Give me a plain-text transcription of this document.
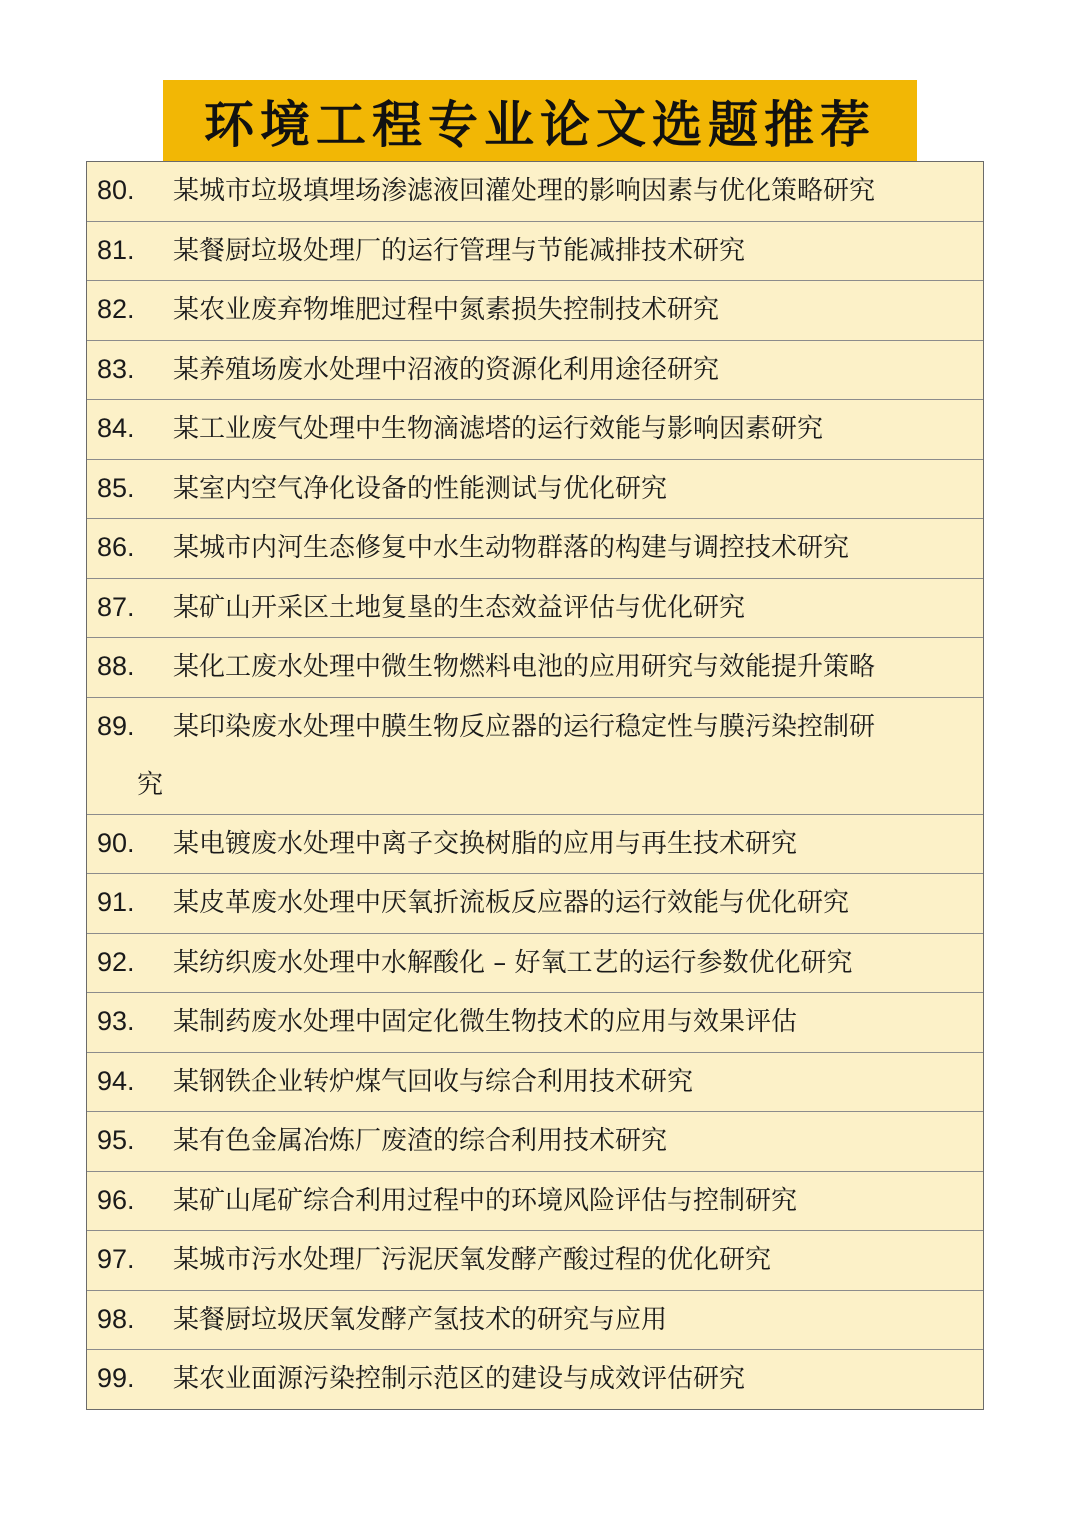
环境工程专业论文选题推荐
80. 某城市垃圾填埋场渗滤液回灌处理的影响因素与优化策略研究
81. 某餐厨垃圾处理厂的运行管理与节能减排技术研究
82. 某农业废弃物堆肥过程中氮素损失控制技术研究
83. 某养殖场废水处理中沼液的资源化利用途径研究
84. 某工业废气处理中生物滴滤塔的运行效能与影响因素研究
85. 某室内空气净化设备的性能测试与优化研究
86. 某城市内河生态修复中水生动物群落的构建与调控技术研究
87. 某矿山开采区土地复垦的生态效益评估与优化研究
88. 某化工废水处理中微生物燃料电池的应用研究与效能提升策略
89. 某印染废水处理中膜生物反应器的运行稳定性与膜污染控制研
究
90. 某电镀废水处理中离子交换树脂的应用与再生技术研究
91. 某皮革废水处理中厌氧折流板反应器的运行效能与优化研究
92. 某纺织废水处理中水解酸化 – 好氧工艺的运行参数优化研究
93. 某制药废水处理中固定化微生物技术的应用与效果评估
94. 某钢铁企业转炉煤气回收与综合利用技术研究
95. 某有色金属冶炼厂废渣的综合利用技术研究
96. 某矿山尾矿综合利用过程中的环境风险评估与控制研究
97. 某城市污水处理厂污泥厌氧发酵产酸过程的优化研究
98. 某餐厨垃圾厌氧发酵产氢技术的研究与应用
99. 某农业面源污染控制示范区的建设与成效评估研究
